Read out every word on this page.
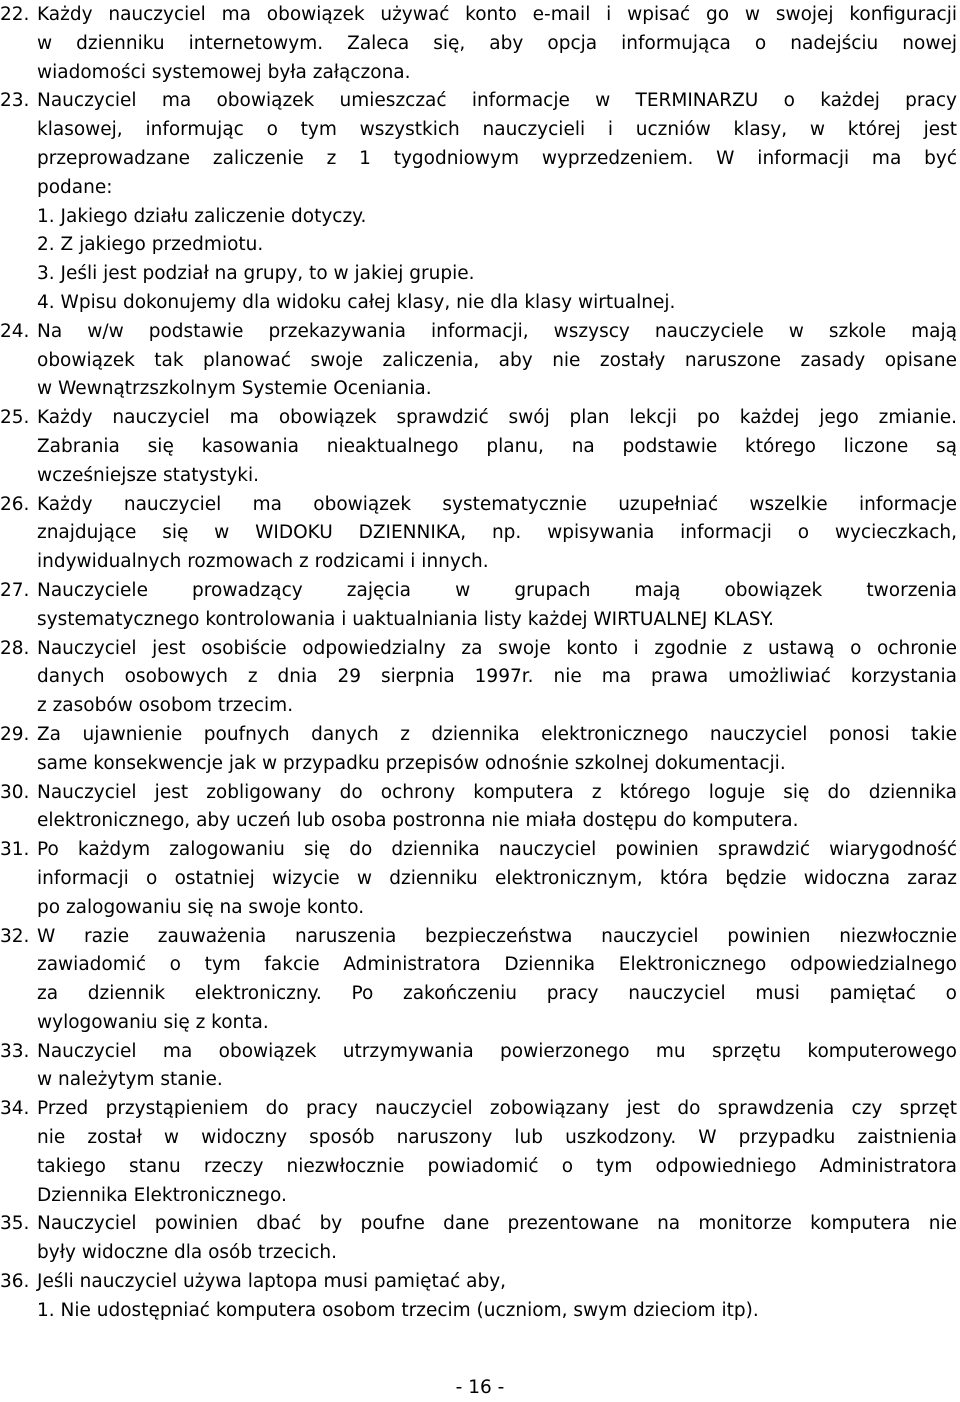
22. Każdy nauczyciel ma obowiązek używać konto e-mail i wpisać go w swojej konfiguracji
w dzienniku internetowym. Zaleca się, aby opcja informująca o nadejściu nowej
wiadomości systemowej była załączona.
23. Nauczyciel ma obowiązek umieszczać informacje w TERMINARZU o każdej pracy
klasowej, informując o tym wszystkich nauczycieli i uczniów klasy, w której jest
przeprowadzane zaliczenie z 1 tygodniowym wyprzedzeniem. W informacji ma być
podane:
1. Jakiego działu zaliczenie dotyczy.
2. Z jakiego przedmiotu.
3. Jeśli jest podział na grupy, to w jakiej grupie.
4. Wpisu dokonujemy dla widoku całej klasy, nie dla klasy wirtualnej.
24. Na w/w podstawie przekazywania informacji, wszyscy nauczyciele w szkole mają
obowiązek tak planować swoje zaliczenia, aby nie zostały naruszone zasady opisane
w Wewnątrzszkolnym Systemie Oceniania.
25. Każdy nauczyciel ma obowiązek sprawdzić swój plan lekcji po każdej jego zmianie.
Zabrania się kasowania nieaktualnego planu, na podstawie którego liczone są
wcześniejsze statystyki.
26. Każdy nauczyciel ma obowiązek systematycznie uzupełniać wszelkie informacje
znajdujące się w WIDOKU DZIENNIKA, np. wpisywania informacji o wycieczkach,
indywidualnych rozmowach z rodzicami i innych.
27. Nauczyciele prowadzący zajęcia w grupach mają obowiązek tworzenia
systematycznego kontrolowania i uaktualniania listy każdej WIRTUALNEJ KLASY.
28. Nauczyciel jest osobiście odpowiedzialny za swoje konto i zgodnie z ustawą o ochronie
danych osobowych z dnia 29 sierpnia 1997r. nie ma prawa umożliwiać korzystania
z zasobów osobom trzecim.
29. Za ujawnienie poufnych danych z dziennika elektronicznego nauczyciel ponosi takie
same konsekwencje jak w przypadku przepisów odnośnie szkolnej dokumentacji.
30. Nauczyciel jest zobligowany do ochrony komputera z którego loguje się do dziennika
elektronicznego, aby uczeń lub osoba postronna nie miała dostępu do komputera.
31. Po każdym zalogowaniu się do dziennika nauczyciel powinien sprawdzić wiarygodność
informacji o ostatniej wizycie w dzienniku elektronicznym, która będzie widoczna zaraz
po zalogowaniu się na swoje konto.
32. W razie zauważenia naruszenia bezpieczeństwa nauczyciel powinien niezwłocznie
zawiadomić o tym fakcie Administratora Dziennika Elektronicznego odpowiedzialnego
za dziennik elektroniczny. Po zakończeniu pracy nauczyciel musi pamiętać o
wylogowaniu się z konta.
33. Nauczyciel ma obowiązek utrzymywania powierzonego mu sprzętu komputerowego
w należytym stanie.
34. Przed przystąpieniem do pracy nauczyciel zobowiązany jest do sprawdzenia czy sprzęt
nie został w widoczny sposób naruszony lub uszkodzony. W przypadku zaistnienia
takiego stanu rzeczy niezwłocznie powiadomić o tym odpowiedniego Administratora
Dziennika Elektronicznego.
35. Nauczyciel powinien dbać by poufne dane prezentowane na monitorze komputera nie
były widoczne dla osób trzecich.
36. Jeśli nauczyciel używa laptopa musi pamiętać aby,
1. Nie udostępniać komputera osobom trzecim (uczniom, swym dzieciom itp).
- 16 -
